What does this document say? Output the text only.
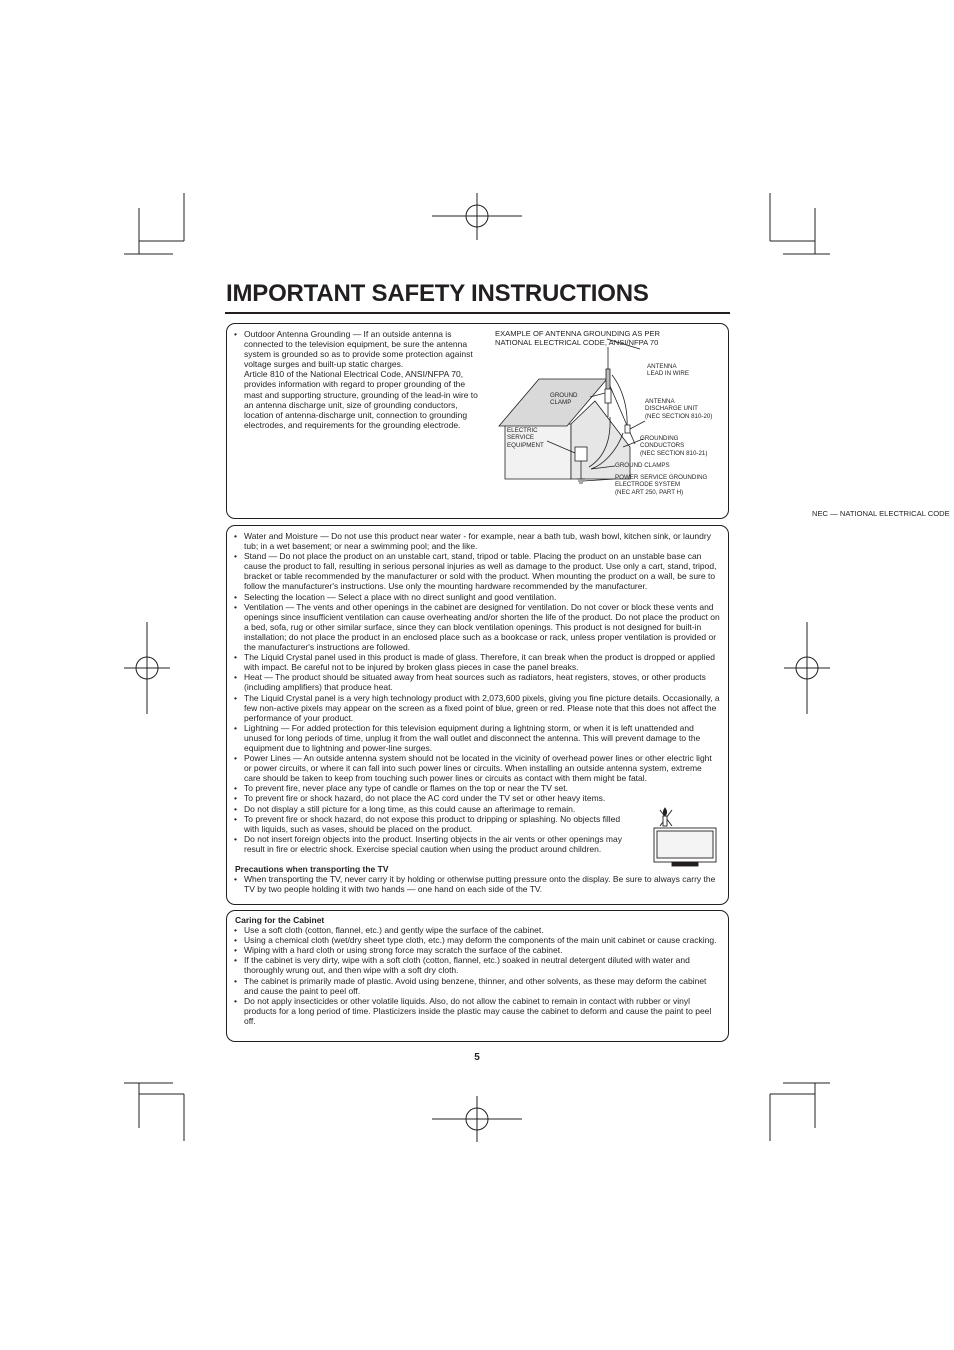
IMPORTANT SAFETY INSTRUCTIONS
• Outdoor Antenna Grounding — If an outside antenna is connected to the television equipment, be sure the antenna system is grounded so as to provide some protection against voltage surges and built-up static charges.
Article 810 of the National Electrical Code, ANSI/NFPA 70, provides information with regard to proper grounding of the mast and supporting structure, grounding of the lead-in wire to an antenna discharge unit, size of grounding conductors, location of antenna-discharge unit, connection to grounding electrodes, and requirements for the grounding electrode.
EXAMPLE OF ANTENNA GROUNDING AS PER
NATIONAL ELECTRICAL CODE, ANSI/NFPA 70
ANTENNA
LEAD IN WIRE
GROUND
CLAMP	ANTENNA
DISCHARGE UNIT
(NEC SECTION 810-20)
ELECTRIC
SERVICE
EQUIPMENT
GROUNDING
CONDUCTORS
(NEC SECTION 810-21)
GROUND CLAMPS
POWER SERVICE GROUNDING
ELECTRODE SYSTEM
(NEC ART 250, PART H)
NEC — NATIONAL ELECTRICAL CODE
• Water and Moisture — Do not use this product near water - for example, near a bath tub, wash bowl, kitchen sink, or laundry tub; in a wet basement; or near a swimming pool; and the like.
• Stand — Do not place the product on an unstable cart, stand, tripod or table. Placing the product on an unstable base can cause the product to fall, resulting in serious personal injuries as well as damage to the product. Use only a cart, stand, tripod, bracket or table recommended by the manufacturer or sold with the product. When mounting the product on a wall, be sure to follow the manufacturer's instructions. Use only the mounting hardware recommended by the manufacturer.
• Selecting the location — Select a place with no direct sunlight and good ventilation.
• Ventilation — The vents and other openings in the cabinet are designed for ventilation. Do not cover or block these vents and openings since insufficient ventilation can cause overheating and/or shorten the life of the product. Do not place the product on a bed, sofa, rug or other similar surface, since they can block ventilation openings. This product is not designed for built-in installation; do not place the product in an enclosed place such as a bookcase or rack, unless proper ventilation is provided or the manufacturer's instructions are followed.
• The Liquid Crystal panel used in this product is made of glass. Therefore, it can break when the product is dropped or applied with impact. Be careful not to be injured by broken glass pieces in case the panel breaks.
• Heat — The product should be situated away from heat sources such as radiators, heat registers, stoves, or other products (including amplifiers) that produce heat.
• The Liquid Crystal panel is a very high technology product with 2,073,600 pixels, giving you fine picture details. Occasionally, a few non-active pixels may appear on the screen as a fixed point of blue, green or red. Please note that this does not affect the performance of your product.
• Lightning — For added protection for this television equipment during a lightning storm, or when it is left unattended and unused for long periods of time, unplug it from the wall outlet and disconnect the antenna. This will prevent damage to the equipment due to lightning and power-line surges.
• Power Lines — An outside antenna system should not be located in the vicinity of overhead power lines or other electric light or power circuits, or where it can fall into such power lines or circuits. When installing an outside antenna system, extreme care should be taken to keep from touching such power lines or circuits as contact with them might be fatal.
• To prevent fire, never place any type of candle or flames on the top or near the TV set.
• To prevent fire or shock hazard, do not place the AC cord under the TV set or other heavy items.
• Do not display a still picture for a long time, as this could cause an afterimage to remain.
• To prevent fire or shock hazard, do not expose this product to dripping or splashing. No objects filled with liquids, such as vases, should be placed on the product.
• Do not insert foreign objects into the product. Inserting objects in the air vents or other openings may result in fire or electric shock. Exercise special caution when using the product around children.

Precautions when transporting the TV

• When transporting the TV, never carry it by holding or otherwise putting pressure onto the display. Be sure to always carry the TV by two people holding it with two hands — one hand on each side of the TV.

Caring for the Cabinet

• Use a soft cloth (cotton, flannel, etc.) and gently wipe the surface of the cabinet.
• Using a chemical cloth (wet/dry sheet type cloth, etc.) may deform the components of the main unit cabinet or cause cracking.
• Wiping with a hard cloth or using strong force may scratch the surface of the cabinet.
• If the cabinet is very dirty, wipe with a soft cloth (cotton, flannel, etc.) soaked in neutral detergent diluted with water and thoroughly wrung out, and then wipe with a soft dry cloth.
• The cabinet is primarily made of plastic. Avoid using benzene, thinner, and other solvents, as these may deform the cabinet and cause the paint to peel off.
• Do not apply insecticides or other volatile liquids. Also, do not allow the cabinet to remain in contact with rubber or vinyl products for a long period of time. Plasticizers inside the plastic may cause the cabinet to deform and cause the paint to peel off.
5
